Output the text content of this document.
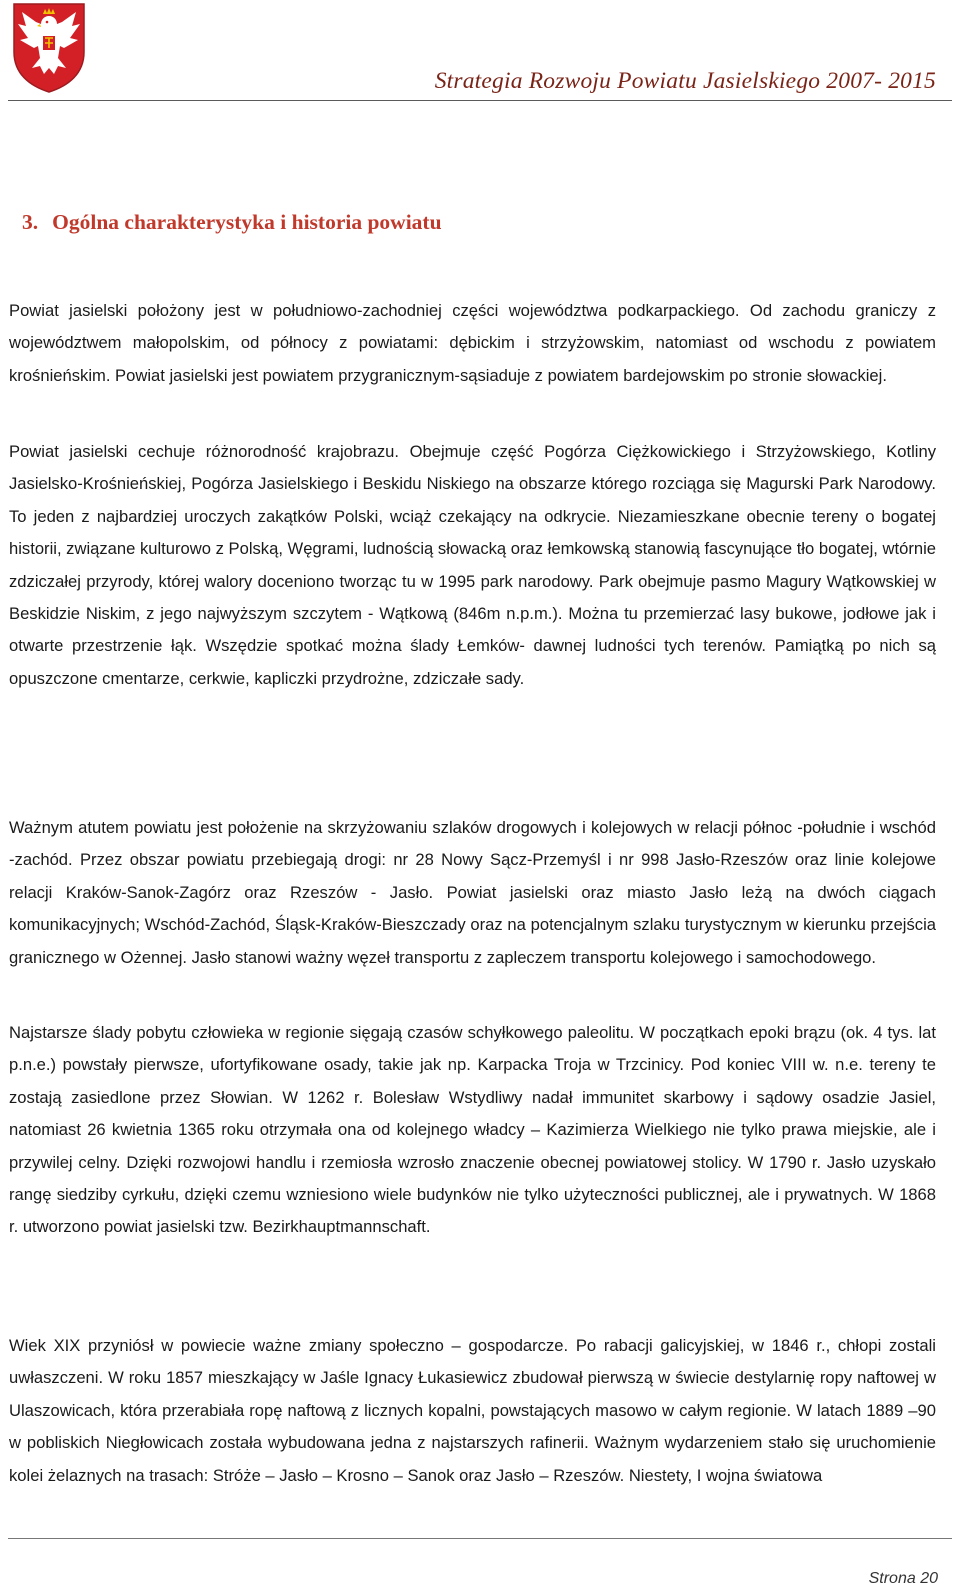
Strategia Rozwoju Powiatu Jasielskiego 2007- 2015
3. Ogólna charakterystyka i historia powiatu

Powiat jasielski położony jest w południowo-zachodniej części województwa podkarpackiego. Od zachodu graniczy z województwem małopolskim, od północy z powiatami: dębickim i strzyżowskim, natomiast od wschodu z powiatem krośnieńskim. Powiat jasielski jest powiatem przygranicznym-sąsiaduje z powiatem bardejowskim po stronie słowackiej.

Powiat jasielski cechuje różnorodność krajobrazu. Obejmuje część Pogórza Ciężkowickiego i Strzyżowskiego, Kotliny Jasielsko-Krośnieńskiej, Pogórza Jasielskiego i Beskidu Niskiego na obszarze którego rozciąga się Magurski Park Narodowy. To jeden z najbardziej uroczych zakątków Polski, wciąż czekający na odkrycie. Niezamieszkane obecnie tereny o bogatej historii, związane kulturowo z Polską, Węgrami, ludnością słowacką oraz łemkowską stanowią fascynujące tło bogatej, wtórnie zdziczałej przyrody, której walory doceniono tworząc tu w 1995 park narodowy. Park obejmuje pasmo Magury Wątkowskiej w Beskidzie Niskim, z jego najwyższym szczytem - Wątkową (846m n.p.m.). Można tu przemierzać lasy bukowe, jodłowe jak i otwarte przestrzenie łąk. Wszędzie spotkać można ślady Łemków- dawnej ludności tych terenów. Pamiątką po nich są opuszczone cmentarze, cerkwie, kapliczki przydrożne, zdziczałe sady.

Ważnym atutem powiatu jest położenie na skrzyżowaniu szlaków drogowych i kolejowych w relacji północ -południe i wschód -zachód. Przez obszar powiatu przebiegają drogi: nr 28 Nowy Sącz-Przemyśl i nr 998 Jasło-Rzeszów oraz linie kolejowe relacji Kraków-Sanok-Zagórz oraz Rzeszów - Jasło. Powiat jasielski oraz miasto Jasło leżą na dwóch ciągach komunikacyjnych; Wschód-Zachód, Śląsk-Kraków-Bieszczady oraz na potencjalnym szlaku turystycznym w kierunku przejścia granicznego w Ożennej. Jasło stanowi ważny węzeł transportu z zapleczem transportu kolejowego i samochodowego.

Najstarsze ślady pobytu człowieka w regionie sięgają czasów schyłkowego paleolitu. W początkach epoki brązu (ok. 4 tys. lat p.n.e.) powstały pierwsze, ufortyfikowane osady, takie jak np. Karpacka Troja w Trzcinicy. Pod koniec VIII w. n.e. tereny te zostają zasiedlone przez Słowian. W 1262 r. Bolesław Wstydliwy nadał immunitet skarbowy i sądowy osadzie Jasiel, natomiast 26 kwietnia 1365 roku otrzymała ona od kolejnego władcy – Kazimierza Wielkiego nie tylko prawa miejskie, ale i przywilej celny. Dzięki rozwojowi handlu i rzemiosła wzrosło znaczenie obecnej powiatowej stolicy. W 1790 r. Jasło uzyskało rangę siedziby cyrkułu, dzięki czemu wzniesiono wiele budynków nie tylko użyteczności publicznej, ale i prywatnych. W 1868 r. utworzono powiat jasielski tzw. Bezirkhauptmannschaft.

Wiek XIX przyniósł w powiecie ważne zmiany społeczno – gospodarcze. Po rabacji galicyjskiej, w 1846 r., chłopi zostali uwłaszczeni. W roku 1857 mieszkający w Jaśle Ignacy Łukasiewicz zbudował pierwszą w świecie destylarnię ropy naftowej w Ulaszowicach, która przerabiała ropę naftową z licznych kopalni, powstających masowo w całym regionie. W latach 1889 –90 w pobliskich Niegłowicach została wybudowana jedna z najstarszych rafinerii. Ważnym wydarzeniem stało się uruchomienie kolei żelaznych na trasach: Stróże – Jasło – Krosno – Sanok oraz Jasło – Rzeszów. Niestety, I wojna światowa

Strona 20
